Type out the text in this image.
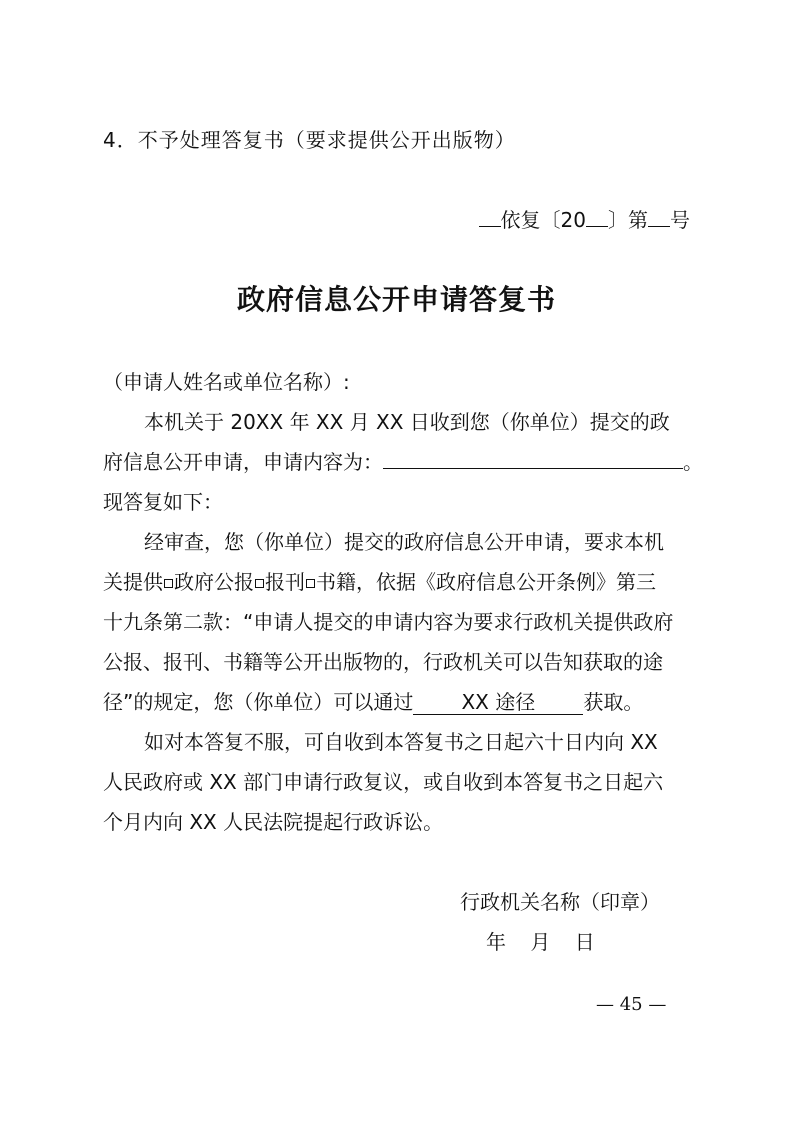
4．不予处理答复书（要求提供公开出版物）
依复〔20 〕第 号
政府信息公开申请答复书
（申请人姓名或单位名称）:
本机关于 20XX 年 XX 月 XX 日收到您（你单位）提交的政
府信息公开申请，申请内容为：	。
现答复如下：
经审查，您（你单位）提交的政府信息公开申请，要求本机
关提供 政府公报 报刊 书籍，依据《政府信息公开条例》第三
十九条第二款：“申请人提交的申请内容为要求行政机关提供政府
公报、报刊、书籍等公开出版物的，行政机关可以告知获取的途
径”的规定，您（你单位）可以通过 XX 途径 获取。
如对本答复不服，可自收到本答复书之日起六十日内向 XX
人民政府或 XX 部门申请行政复议，或自收到本答复书之日起六
个月内向 XX 人民法院提起行政诉讼。
行政机关名称（印章）
年 月 日
— 45 —
